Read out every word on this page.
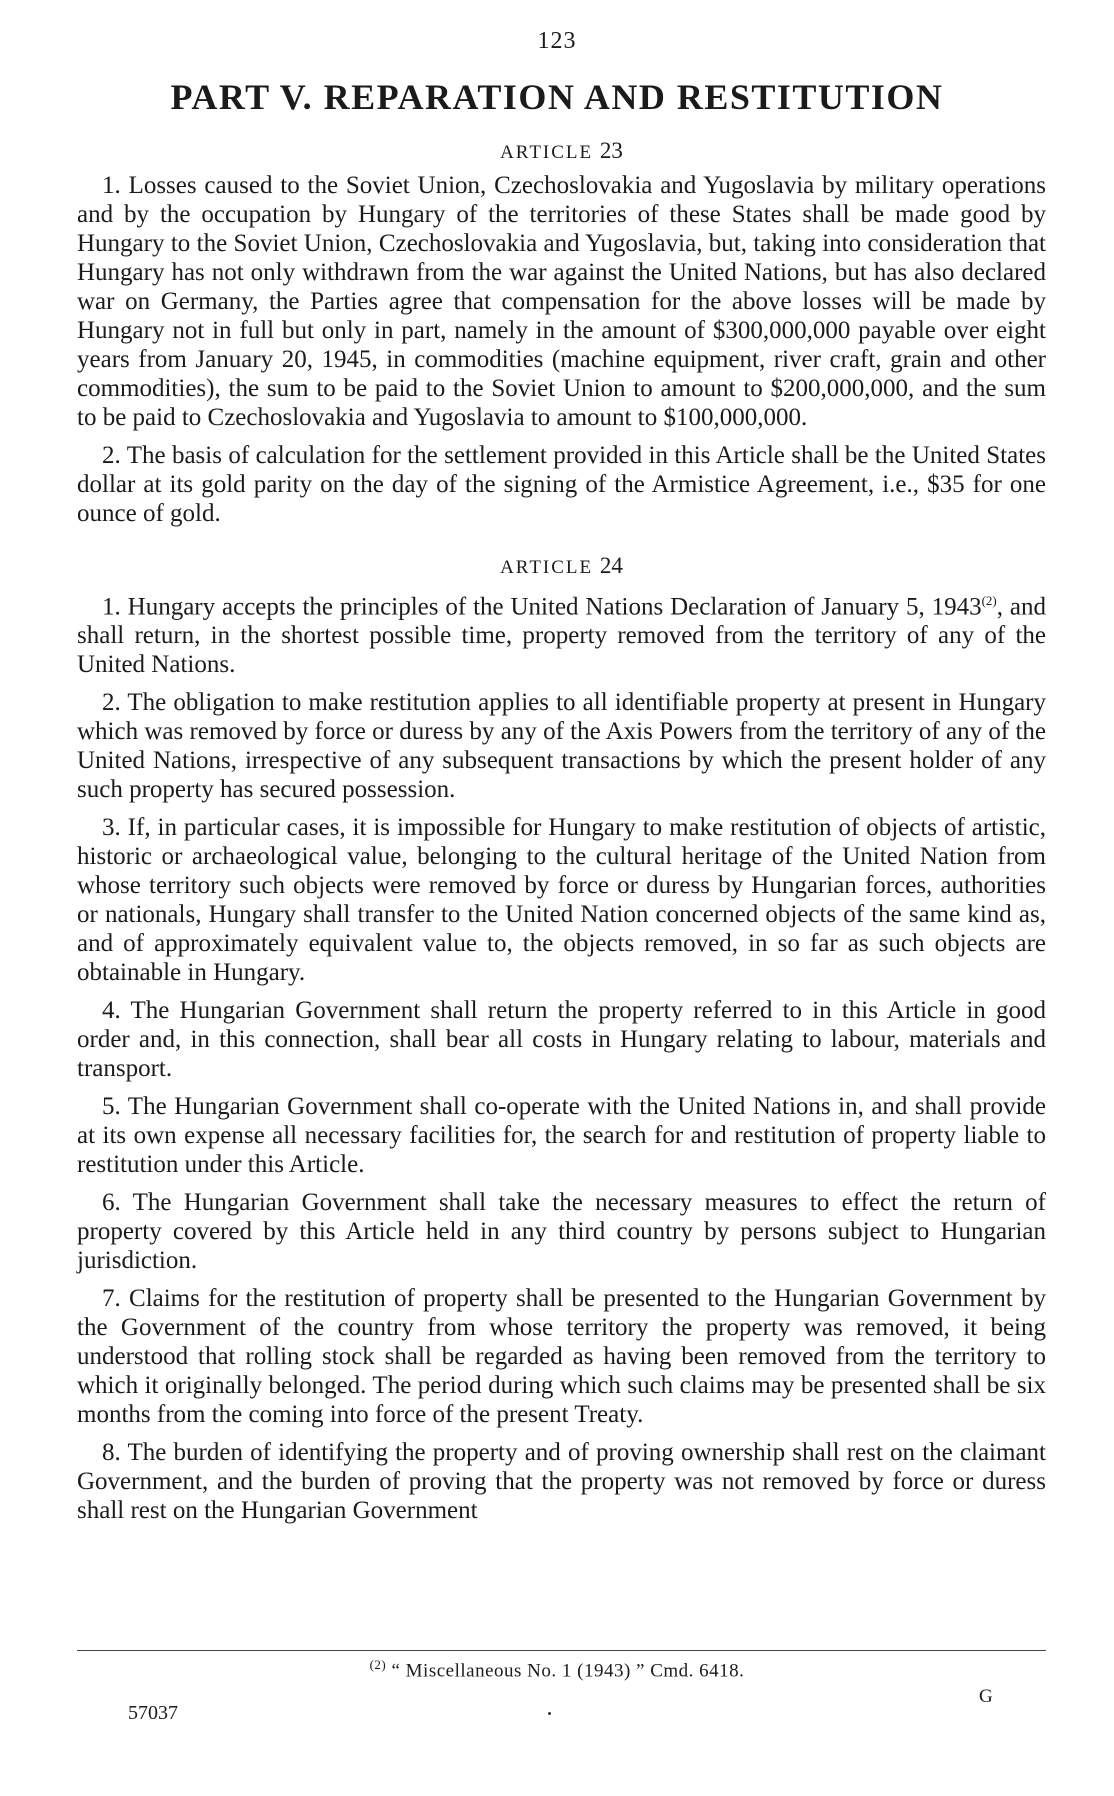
123
PART V. REPARATION AND RESTITUTION
ARTICLE 23

1. Losses caused to the Soviet Union, Czechoslovakia and Yugoslavia by military operations and by the occupation by Hungary of the territories of these States shall be made good by Hungary to the Soviet Union, Czechoslovakia and Yugoslavia, but, taking into consideration that Hungary has not only withdrawn from the war against the United Nations, but has also declared war on Germany, the Parties agree that compensation for the above losses will be made by Hungary not in full but only in part, namely in the amount of $300,000,000 payable over eight years from January 20, 1945, in commodities (machine equipment, river craft, grain and other commodities), the sum to be paid to the Soviet Union to amount to $200,000,000, and the sum to be paid to Czechoslovakia and Yugoslavia to amount to $100,000,000.

2. The basis of calculation for the settlement provided in this Article shall be the United States dollar at its gold parity on the day of the signing of the Armistice Agreement, i.e., $35 for one ounce of gold.

ARTICLE 24

1. Hungary accepts the principles of the United Nations Declaration of January 5, 1943$^{(2)}$, and shall return, in the shortest possible time, property removed from the territory of any of the United Nations.

2. The obligation to make restitution applies to all identifiable property at present in Hungary which was removed by force or duress by any of the Axis Powers from the territory of any of the United Nations, irrespective of any subsequent transactions by which the present holder of any such property has secured possession.

3. If, in particular cases, it is impossible for Hungary to make restitution of objects of artistic, historic or archaeological value, belonging to the cultural heritage of the United Nation from whose territory such objects were removed by force or duress by Hungarian forces, authorities or nationals, Hungary shall transfer to the United Nation concerned objects of the same kind as, and of approximately equivalent value to, the objects removed, in so far as such objects are obtainable in Hungary.

4. The Hungarian Government shall return the property referred to in this Article in good order and, in this connection, shall bear all costs in Hungary relating to labour, materials and transport.

5. The Hungarian Government shall co-operate with the United Nations in, and shall provide at its own expense all necessary facilities for, the search for and restitution of property liable to restitution under this Article.

6. The Hungarian Government shall take the necessary measures to effect the return of property covered by this Article held in any third country by persons subject to Hungarian jurisdiction.

7. Claims for the restitution of property shall be presented to the Hungarian Government by the Government of the country from whose territory the property was removed, it being understood that rolling stock shall be regarded as having been removed from the territory to which it originally belonged. The period during which such claims may be presented shall be six months from the coming into force of the present Treaty.

8. The burden of identifying the property and of proving ownership shall rest on the claimant Government, and the burden of proving that the property was not removed by force or duress shall rest on the Hungarian Government

$^{(2)}$ “ Miscellaneous No. 1 (1943) ” Cmd. 6418.
57037
G
